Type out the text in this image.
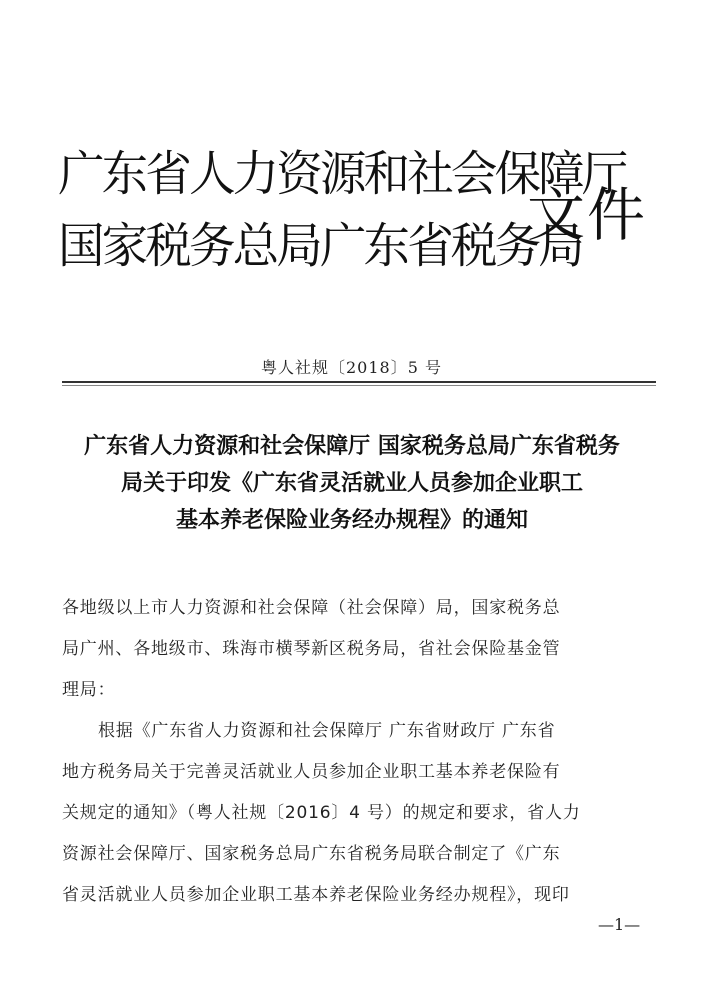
广东省人力资源和社会保障厅
国家税务总局广东省税务局
文件
粤人社规〔2018〕5 号
广东省人力资源和社会保障厅 国家税务总局广东省税务
局关于印发《广东省灵活就业人员参加企业职工
基本养老保险业务经办规程》的通知
各地级以上市人力资源和社会保障（社会保障）局，国家税务总
局广州、各地级市、珠海市横琴新区税务局，省社会保险基金管
理局：
根据《广东省人力资源和社会保障厅 广东省财政厅 广东省
地方税务局关于完善灵活就业人员参加企业职工基本养老保险有
关规定的通知》（粤人社规〔2016〕4 号）的规定和要求，省人力
资源社会保障厅、国家税务总局广东省税务局联合制定了《广东
省灵活就业人员参加企业职工基本养老保险业务经办规程》，现印
—1—
